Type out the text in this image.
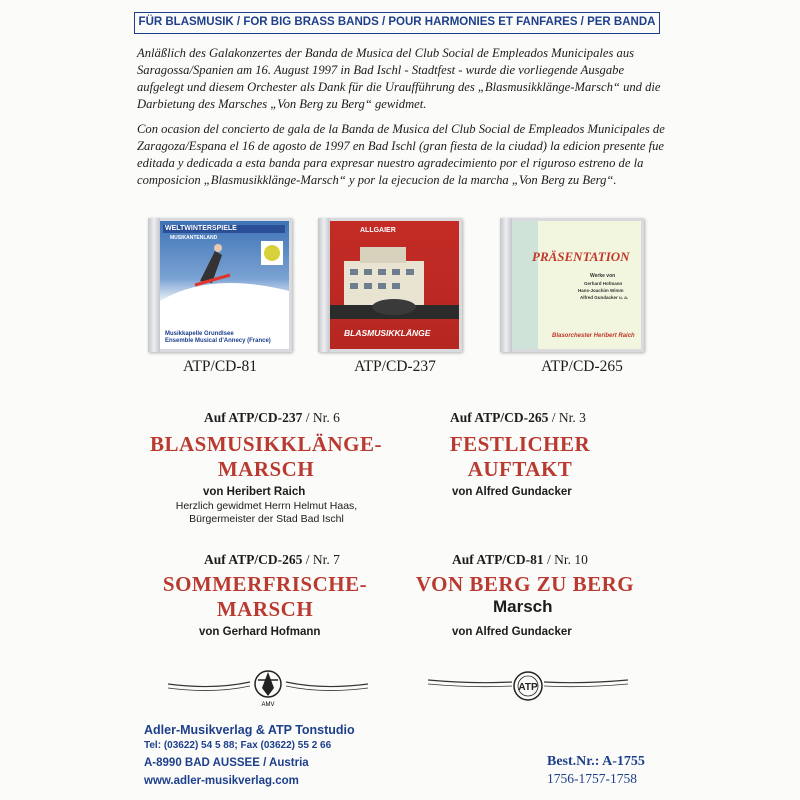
FÜR BLASMUSIK / FOR BIG BRASS BANDS / POUR HARMONIES ET FANFARES / PER BANDA

Anläßlich des Galakonzertes der Banda de Musica del Club Social de Empleados Municipales aus Saragossa/Spanien am 16. August 1997 in Bad Ischl - Stadtfest - wurde die vorliegende Ausgabe aufgelegt und diesem Orchester als Dank für die Uraufführung des „Blasmusikklänge-Marsch“ und die Darbietung des Marsches „Von Berg zu Berg“ gewidmet.

Con ocasion del concierto de gala de la Banda de Musica del Club Social de Empleados Municipales de Zaragoza/Espana el 16 de agosto de 1997 en Bad Ischl (gran fiesta de la ciudad) la edicion presente fue editada y dedicada a esta banda para expresar nuestro agradecimiento por el riguroso estreno de la composicion „Blasmusikklänge-Marsch“ y por la ejecucion de la marcha „Von Berg zu Berg“.

WELTWINTERSPIELE
MUSIKANTENLAND
Musikkapelle Grundlsee
Ensemble Musical d'Annecy (France)
ALLGAIER
BLASMUSIKKLÄNGE
PRÄSENTATION
Werke von
Gerhard Hofmann
Hans-Joachim Wimm
Alfred Gundacker u. a.
Blasorchester Heribert Raich
ATP/CD-81	ATP/CD-237	ATP/CD-265
Auf ATP/CD-237 / Nr. 6
BLASMUSIKKLÄNGE-
MARSCH
von Heribert Raich
Herzlich gewidmet Herrn Helmut Haas,
Bürgermeister der Stad Bad Ischl
Auf ATP/CD-265 / Nr. 3
FESTLICHER
AUFTAKT
von Alfred Gundacker
Auf ATP/CD-265 / Nr. 7
SOMMERFRISCHE-
MARSCH
von Gerhard Hofmann
Auf ATP/CD-81 / Nr. 10
VON BERG ZU BERG
Marsch
von Alfred Gundacker
AMV
ATP
Adler-Musikverlag & ATP Tonstudio
Tel: (03622) 54 5 88; Fax (03622) 55 2 66
A-8990 BAD AUSSEE / Austria
www.adler-musikverlag.com
Best.Nr.: A-1755
1756-1757-1758
